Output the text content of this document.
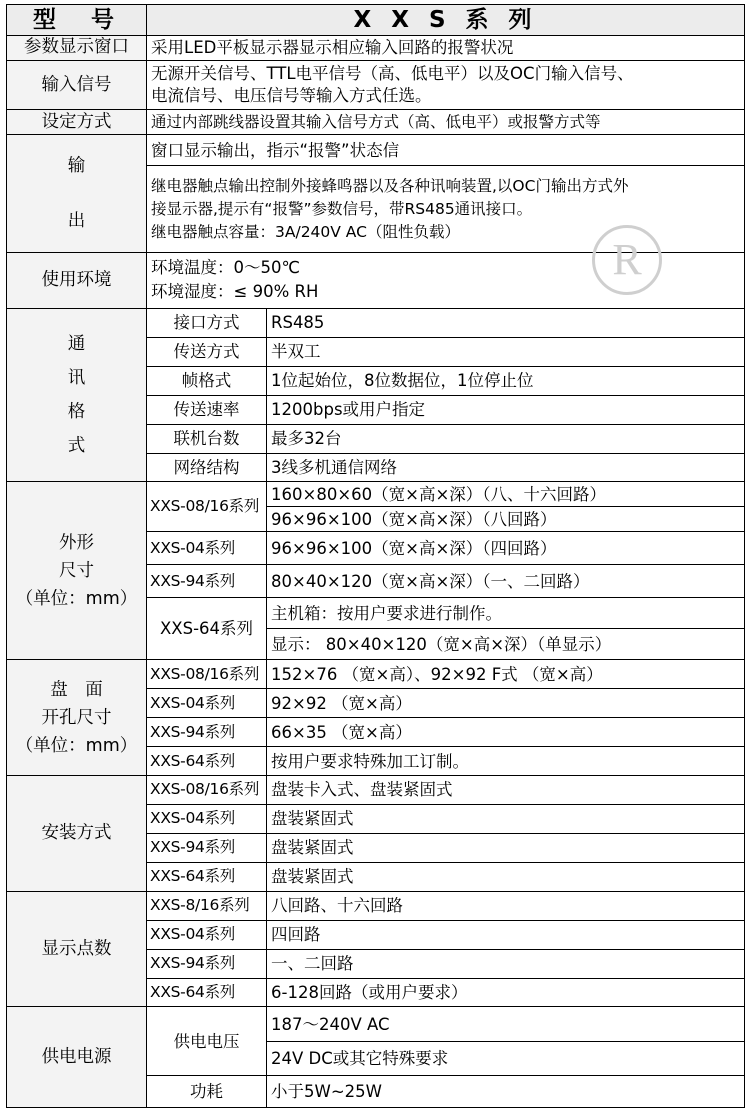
型　号	X X S 系 列	
参数显示窗口	采用LED平板显示器显示相应输入回路的报警状况	
输入信号	无源开关信号、TTL电平信号（高、低电平）以及OC门输入信号、
电流信号、电压信号等输入方式任选。	

设定方式	通过内部跳线器设置其输入信号方式（高、低电平）或报警方式等	

输
出	窗口显示输出，指示“报警”状态信	

	继电器触点输出控制外接蜂鸣器以及各种讯响装置,以OC门输出方式外
接显示器,提示有“报警”参数信号，带RS485通讯接口。
继电器触点容量：3A/240V AC（阻性负载）	

使用环境	环境温度：0～50℃
环境湿度：≤ 90% RH	

通
讯
格
式	接口方式	RS485
	传送方式	半双工
	帧格式	1位起始位，8位数据位，1位停止位
	传送速率	1200bps或用户指定
	联机台数	最多32台
	网络结构	3线多机通信网络

外形
尺寸
（单位：mm）	XXS-08/16系列	160×80×60（宽×高×深）（八、十六回路）
		96×96×100（宽×高×深）（八回路）
	XXS-04系列	96×96×100（宽×高×深）（四回路）
	XXS-94系列	80×40×120（宽×高×深）（一、二回路）
	XXS-64系列	主机箱：按用户要求进行制作。
		显示： 80×40×120（宽×高×深）（单显示）

盘　面
开孔尺寸
（单位：mm）	XXS-08/16系列	152×76 （宽×高）、92×92 F式 （宽×高）
	XXS-04系列	92×92 （宽×高）
	XXS-94系列	66×35 （宽×高）
	XXS-64系列	按用户要求特殊加工订制。
安装方式	XXS-08/16系列	盘装卡入式、盘装紧固式
	XXS-04系列	盘装紧固式
	XXS-94系列	盘装紧固式
	XXS-64系列	盘装紧固式
显示点数	XXS-8/16系列	八回路、十六回路
	XXS-04系列	四回路
	XXS-94系列	一、二回路
	XXS-64系列	6-128回路（或用户要求）
供电电源	供电电压	187～240V AC
		24V DC或其它特殊要求
	功耗	小于5W~25W
R
